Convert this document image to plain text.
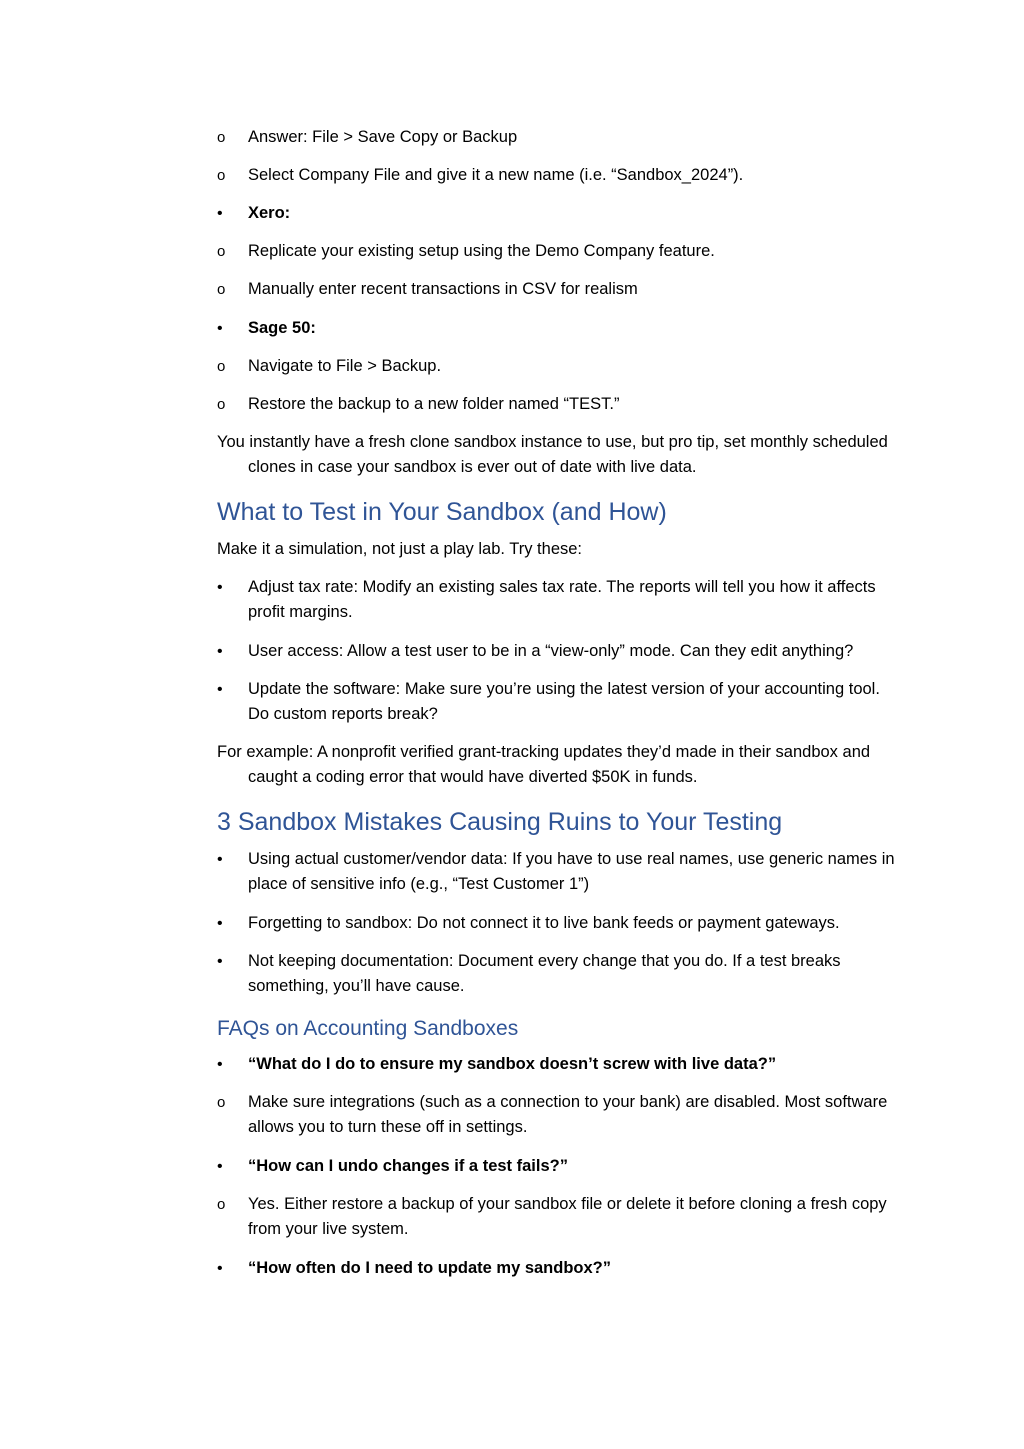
o	Answer: File > Save Copy or Backup
o	Select Company File and give it a new name (i.e. “Sandbox_2024”).
•	Xero:
o	Replicate your existing setup using the Demo Company feature.
o	Manually enter recent transactions in CSV for realism
•	Sage 50:
o	Navigate to File > Backup.
o	Restore the backup to a new folder named “TEST.”
You instantly have a fresh clone sandbox instance to use, but pro tip, set monthly scheduled clones in case your sandbox is ever out of date with live data.
What to Test in Your Sandbox (and How)
Make it a simulation, not just a play lab. Try these:
•	Adjust tax rate: Modify an existing sales tax rate. The reports will tell you how it affects profit margins.
•	User access: Allow a test user to be in a “view-only” mode. Can they edit anything?
•	Update the software: Make sure you’re using the latest version of your accounting tool. Do custom reports break?
For example: A nonprofit verified grant-tracking updates they’d made in their sandbox and caught a coding error that would have diverted $50K in funds.
3 Sandbox Mistakes Causing Ruins to Your Testing
•	Using actual customer/vendor data: If you have to use real names, use generic names in place of sensitive info (e.g., “Test Customer 1”)
•	Forgetting to sandbox: Do not connect it to live bank feeds or payment gateways.
•	Not keeping documentation: Document every change that you do. If a test breaks something, you’ll have cause.
FAQs on Accounting Sandboxes
•	“What do I do to ensure my sandbox doesn’t screw with live data?”
o	Make sure integrations (such as a connection to your bank) are disabled. Most software allows you to turn these off in settings.
•	“How can I undo changes if a test fails?”
o	Yes. Either restore a backup of your sandbox file or delete it before cloning a fresh copy from your live system.
•	“How often do I need to update my sandbox?”
